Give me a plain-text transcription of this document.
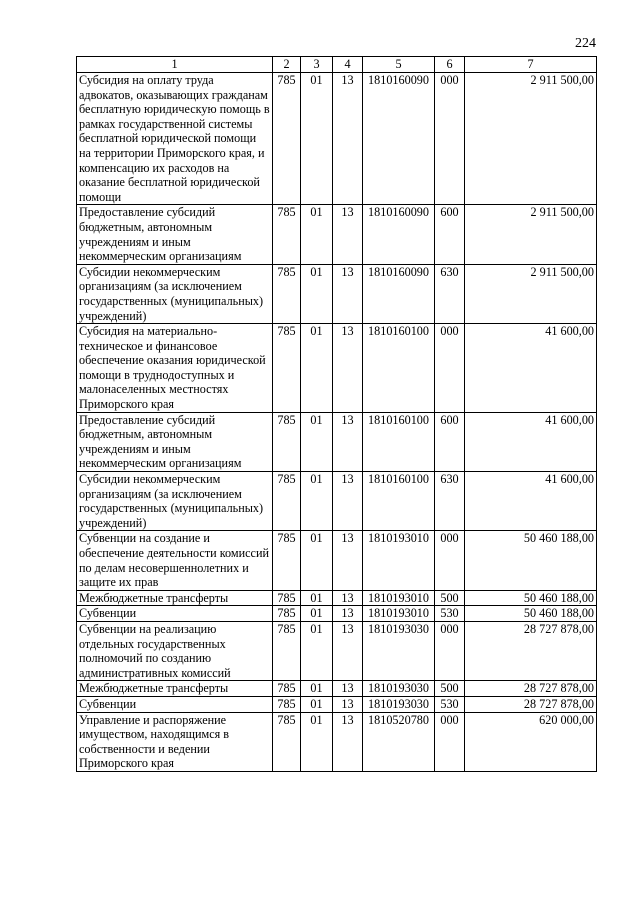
224
1	2	3	4	5	6	7
Субсидия на оплату труда адвокатов, оказывающих гражданам бесплатную юридическую помощь в рамках государственной системы бесплатной юридической помощи на территории Приморского края, и компенсацию их расходов на оказание бесплатной юридической помощи	785	01	13	1810160090	000	2 911 500,00
Предоставление субсидий бюджетным, автономным учреждениям и иным некоммерческим организациям	785	01	13	1810160090	600	2 911 500,00
Субсидии некоммерческим организациям (за исключением государственных (муниципальных) учреждений)	785	01	13	1810160090	630	2 911 500,00
Субсидия на материально-техническое и финансовое обеспечение оказания юридической помощи в труднодоступных и малонаселенных местностях Приморского края	785	01	13	1810160100	000	41 600,00
Предоставление субсидий бюджетным, автономным учреждениям и иным некоммерческим организациям	785	01	13	1810160100	600	41 600,00
Субсидии некоммерческим организациям (за исключением государственных (муниципальных) учреждений)	785	01	13	1810160100	630	41 600,00
Субвенции на создание и обеспечение деятельности комиссий по делам несовершеннолетних и защите их прав	785	01	13	1810193010	000	50 460 188,00
Межбюджетные трансферты	785	01	13	1810193010	500	50 460 188,00
Субвенции	785	01	13	1810193010	530	50 460 188,00
Субвенции на реализацию отдельных государственных полномочий по созданию административных комиссий	785	01	13	1810193030	000	28 727 878,00
Межбюджетные трансферты	785	01	13	1810193030	500	28 727 878,00
Субвенции	785	01	13	1810193030	530	28 727 878,00
Управление и распоряжение имуществом, находящимся в собственности и ведении Приморского края	785	01	13	1810520780	000	620 000,00
